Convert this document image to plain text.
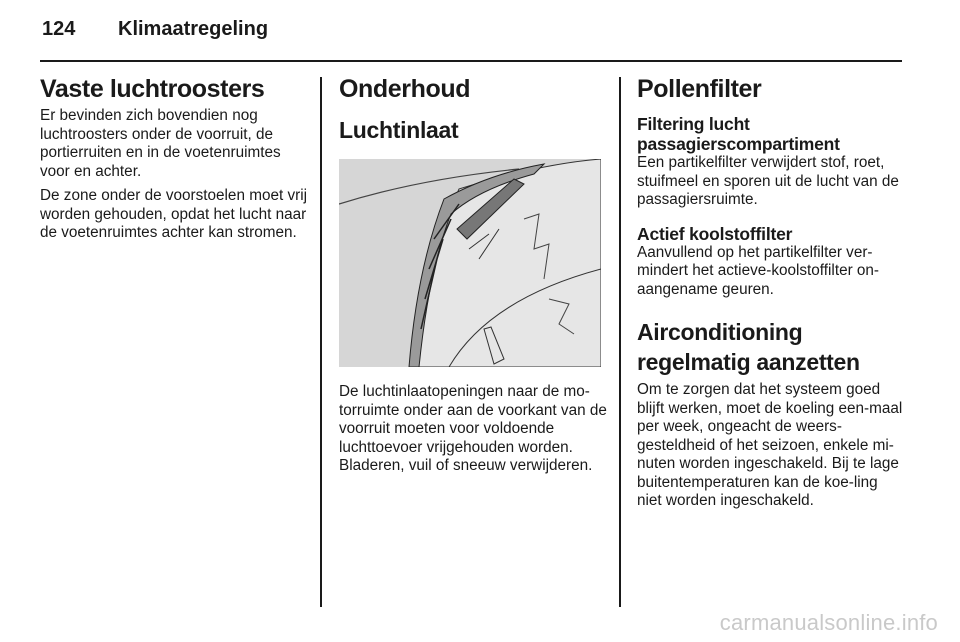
124	Klimaatregeling
Vaste luchtroosters

Er bevinden zich bovendien nog luchtroosters onder de voorruit, de portierruiten en in de voetenruimtes voor en achter.

De zone onder de voorstoelen moet vrij worden gehouden, opdat het lucht naar de voetenruimtes achter kan stromen.

Onderhoud
Luchtinlaat

De luchtinlaatopeningen naar de mo-torruimte onder aan de voorkant van de voorruit moeten voor voldoende luchttoevoer vrijgehouden worden. Bladeren, vuil of sneeuw verwijderen.

Pollenfilter
Filtering lucht passagierscompartiment

Een partikelfilter verwijdert stof, roet, stuifmeel en sporen uit de lucht van de passagiersruimte.

Actief koolstoffilter

Aanvullend op het partikelfilter ver-mindert het actieve-koolstoffilter on-aangename geuren.

Airconditioning regelmatig aanzetten

Om te zorgen dat het systeem goed blijft werken, moet de koeling een-maal per week, ongeacht de weers-gesteldheid of het seizoen, enkele mi-nuten worden ingeschakeld. Bij te lage buitentemperaturen kan de koe-ling niet worden ingeschakeld.

carmanualsonline.info
